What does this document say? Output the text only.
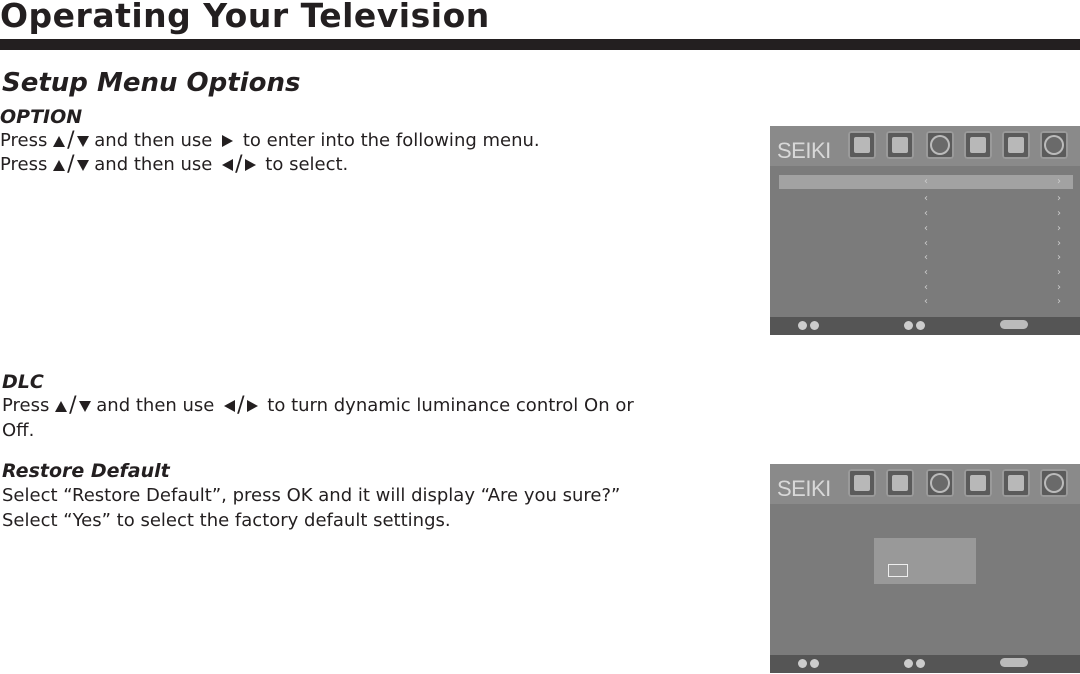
Operating Your Television
Setup Menu Options
OPTION
Press / and then use to enter into the following menu.
Press / and then use / to select.
SEIKI
‹	›
‹	›
‹	›
‹	›
‹	›
‹	›
‹	›
‹	›
‹	›
DLC
Press / and then use / to turn dynamic luminance control On or
Off.
Restore Default
Select “Restore Default”, press OK and it will display “Are you sure?”
Select “Yes” to select the factory default settings.
SEIKI
